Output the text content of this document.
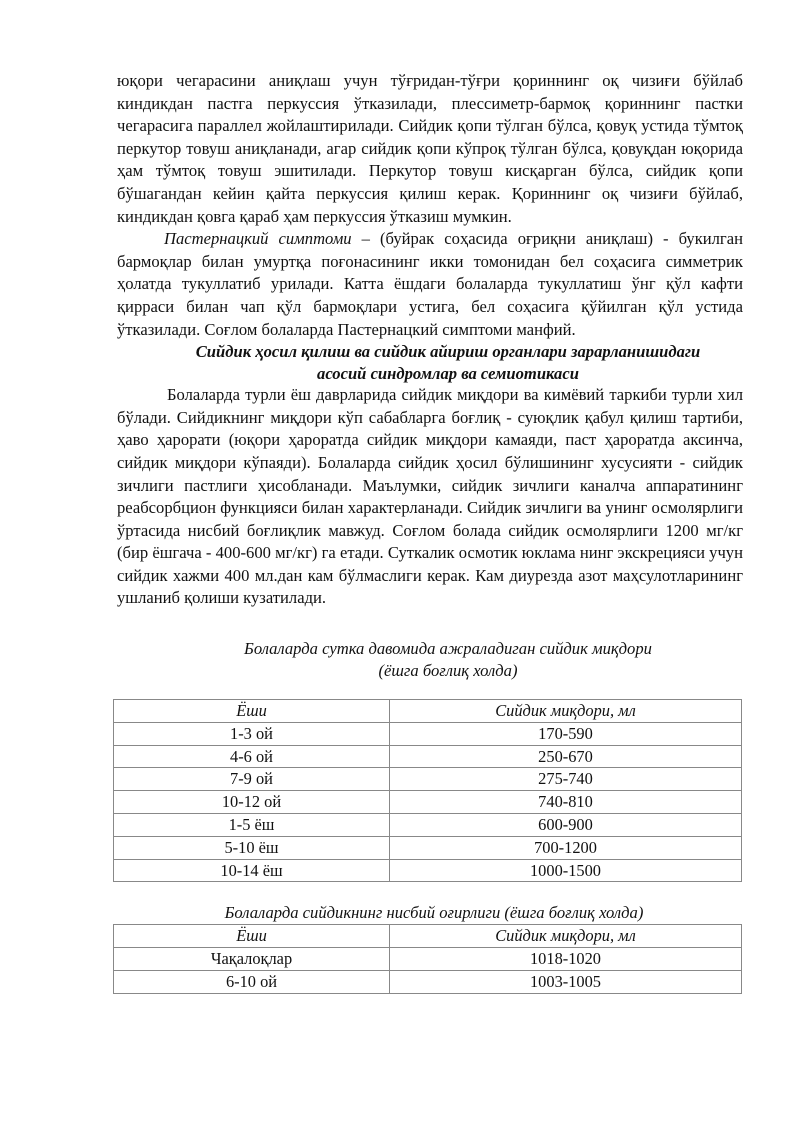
юқори чегарасини аниқлаш учун тўғридан-тўғри қориннинг оқ чизиғи бўйлаб киндикдан пастга перкуссия ўтказилади, плессиметр-бармоқ қориннинг пастки чегарасига параллел жойлаштирилади. Сийдик қопи тўлган бўлса, қовуқ устида тўмтоқ перкутор товуш аниқланади, агар сийдик қопи кўпроқ тўлган бўлса, қовуқдан юқорида ҳам тўмтоқ товуш эшитилади. Перкутор товуш кисқарган бўлса, сийдик қопи бўшагандан кейин қайта перкуссия қилиш керак. Қориннинг оқ чизиғи бўйлаб, киндикдан қовга қараб ҳам перкуссия ўтказиш мумкин.

Пастернацкий симптоми – (буйрак соҳасида оғриқни аниқлаш) - букилган бармоқлар билан умуртқа поғонасининг икки томонидан бел соҳасига симметрик ҳолатда тукуллатиб урилади. Катта ёшдаги болаларда тукуллатиш ўнг қўл кафти қирраси билан чап қўл бармоқлари устига, бел соҳасига қўйилган қўл устида ўтказилади. Соғлом болаларда Пастернацкий симптоми манфий.

Сийдик ҳосил қилиш ва сийдик айириш органлари зарарланишидаги

асосий синдромлар ва семиотикаси

Болаларда турли ёш даврларида сийдик миқдори ва кимёвий таркиби турли хил бўлади. Сийдикнинг миқдори кўп сабабларга боғлиқ - суюқлик қабул қилиш тартиби, ҳаво ҳарорати (юқори ҳароратда сийдик миқдори камаяди, паст ҳароратда аксинча, сийдик миқдори кўпаяди). Болаларда сийдик ҳосил бўлишининг хусусияти - сийдик зичлиги пастлиги ҳисобланади. Маълумки, сийдик зичлиги каналча аппаратининг реабсорбцион функцияси билан характерланади. Сийдик зичлиги ва унинг осмолярлиги ўртасида нисбий боғлиқлик мавжуд. Соғлом болада сийдик осмолярлиги 1200 мг/кг (бир ёшгача - 400-600 мг/кг) га етади. Суткалик осмотик юклама нинг экскрецияси учун сийдик хажми 400 мл.дан кам бўлмаслиги керак. Кам диурезда азот маҳсулотларининг ушланиб қолиши кузатилади.

Болаларда сутка давомида ажраладиган сийдик миқдори

(ёшга боғлиқ холда)

Ёши	Сийдик миқдори, мл
1-3 ой	170-590
4-6 ой	250-670
7-9 ой	275-740
10-12 ой	740-810
1-5 ёш	600-900
5-10 ёш	700-1200
10-14 ёш	1000-1500

Болаларда сийдикнинг нисбий оғирлиги (ёшга боғлиқ холда)

Ёши	Сийдик миқдори, мл
Чақалоқлар	1018-1020
6-10 ой	1003-1005
